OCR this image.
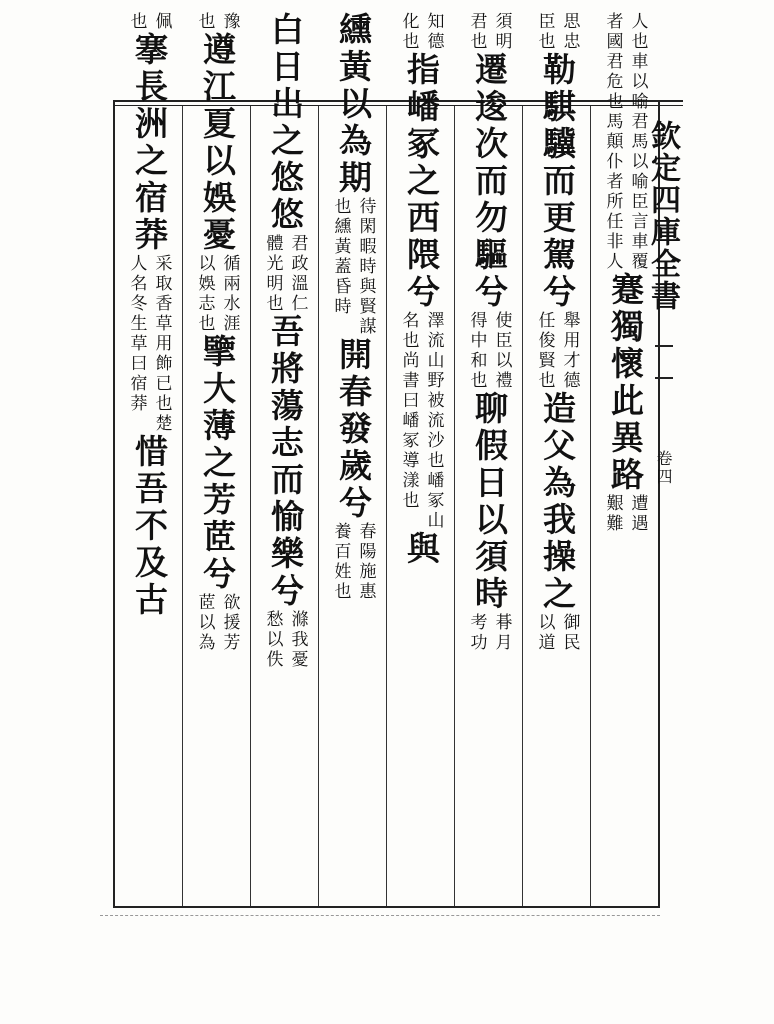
欽定四庫全書
卷四
人也車以喻君馬以喻臣言車覆
者國君危也馬顛仆者所任非人
蹇獨懷此異路
遭遇
艱難
思忠
臣也
勒騏驥而更駕兮
舉用才德
任俊賢也
造父為我操之
御民
以道
須明
君也
遷逡次而勿驅兮
使臣以禮
得中和也
聊假日以須時
朞月
考功
知德
化也
指嶓冢之西隈兮
澤流山野被流沙也嶓冢山
名也尚書曰嶓冢導漾也
與
纁黃以為期
待閑暇時與賢謀
也纁黃蓋昏時
開春發歲兮
春陽施惠
養百姓也
白日出之悠悠
君政溫仁
體光明也
吾將蕩志而愉樂兮
滌我憂
愁以佚
豫
也
遵江夏以娛憂
循兩水涯
以娛志也
擥大薄之芳茝兮
欲援芳
茝以為
佩
也
搴長洲之宿莽
采取香草用飾已也楚
人名冬生草曰宿莽
惜吾不及古
